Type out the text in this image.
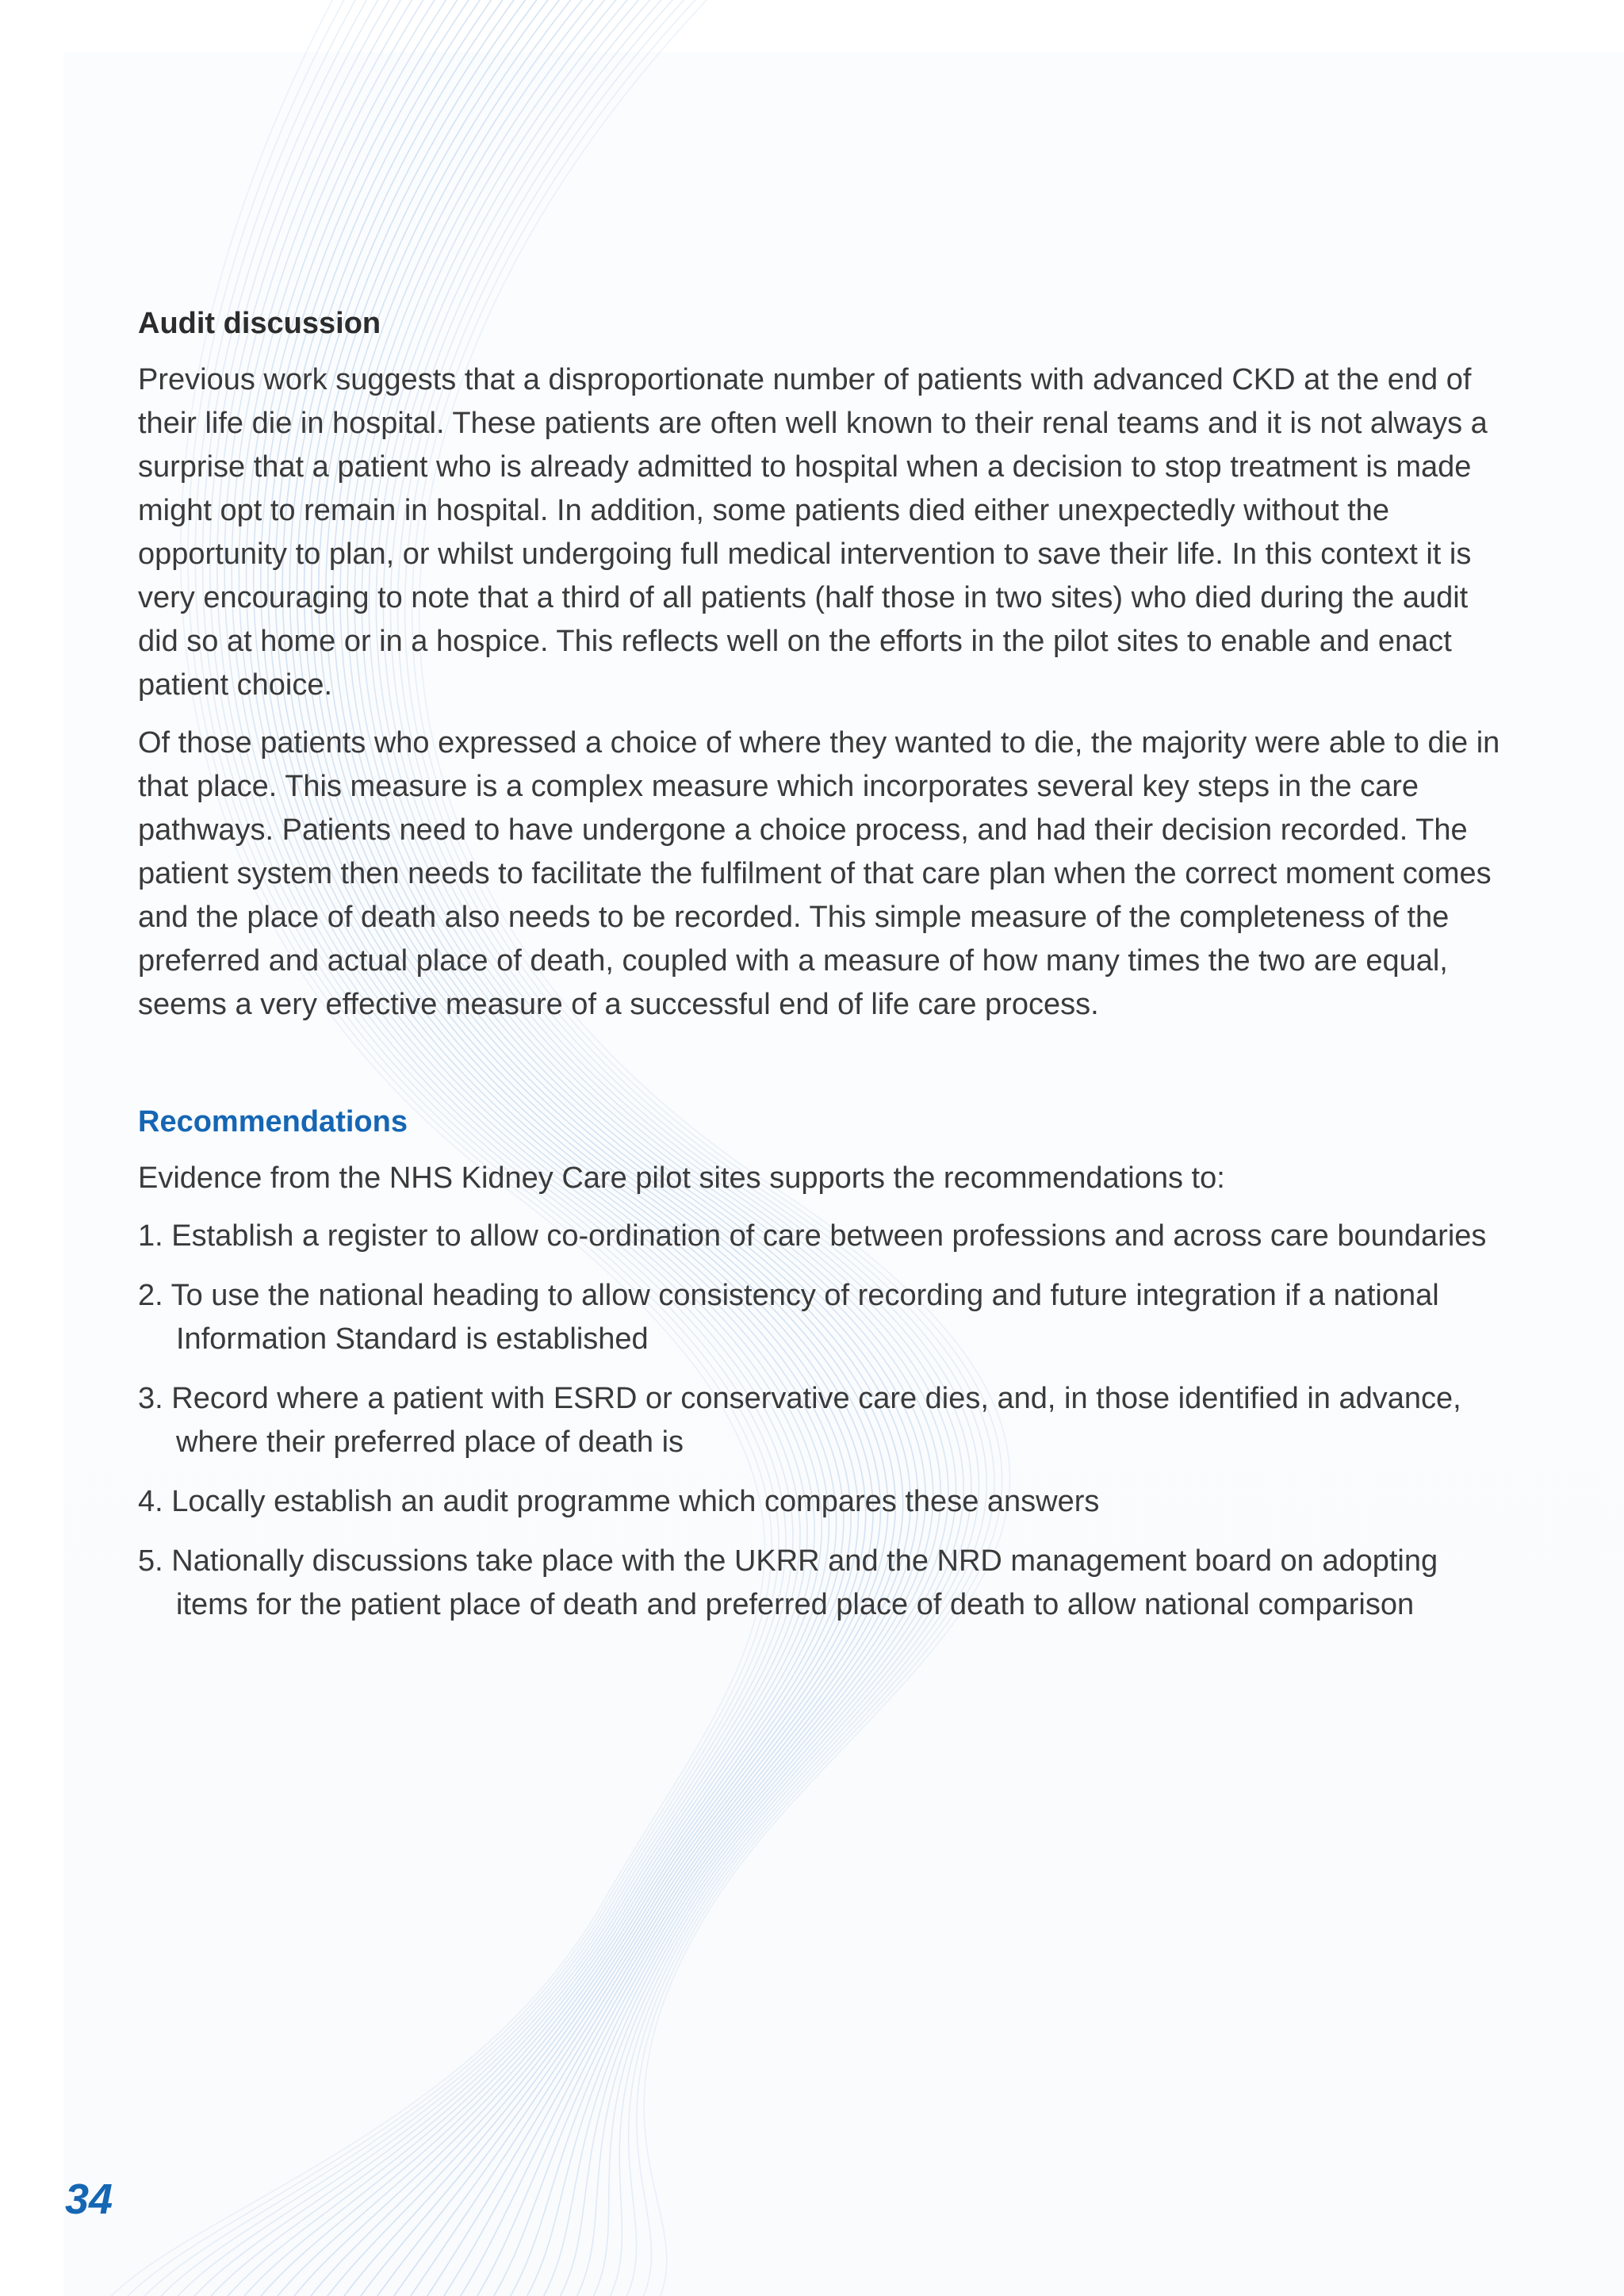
Audit discussion

Previous work suggests that a disproportionate number of patients with advanced CKD at the end of their life die in hospital. These patients are often well known to their renal teams and it is not always a surprise that a patient who is already admitted to hospital when a decision to stop treatment is made might opt to remain in hospital. In addition, some patients died either unexpectedly without the opportunity to plan, or whilst undergoing full medical intervention to save their life. In this context it is very encouraging to note that a third of all patients (half those in two sites) who died during the audit did so at home or in a hospice. This reflects well on the efforts in the pilot sites to enable and enact patient choice.

Of those patients who expressed a choice of where they wanted to die, the majority were able to die in that place. This measure is a complex measure which incorporates several key steps in the care pathways. Patients need to have undergone a choice process, and had their decision recorded. The patient system then needs to facilitate the fulfilment of that care plan when the correct moment comes and the place of death also needs to be recorded. This simple measure of the completeness of the preferred and actual place of death, coupled with a measure of how many times the two are equal, seems a very effective measure of a successful end of life care process.

Recommendations

Evidence from the NHS Kidney Care pilot sites supports the recommendations to:

1. Establish a register to allow co-ordination of care between professions and across care boundaries
2. To use the national heading to allow consistency of recording and future integration if a national Information Standard is established
3. Record where a patient with ESRD or conservative care dies, and, in those identified in advance, where their preferred place of death is
4. Locally establish an audit programme which compares these answers
5. Nationally discussions take place with the UKRR and the NRD management board on adopting items for the patient place of death and preferred place of death to allow national comparison
34
